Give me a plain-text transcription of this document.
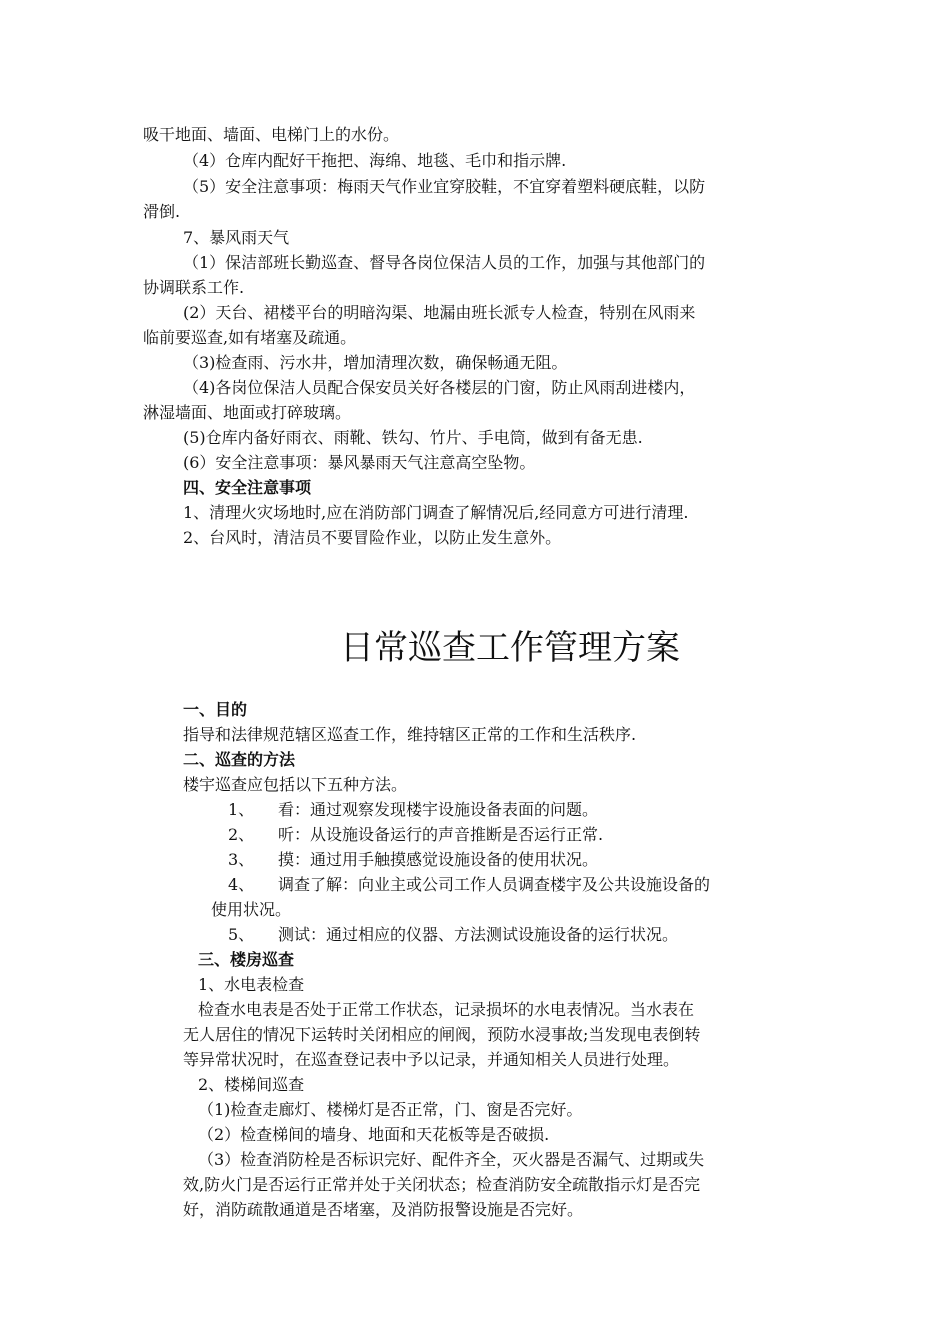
吸干地面、墙面、电梯门上的水份。
（4）仓库内配好干拖把、海绵、地毯、毛巾和指示牌.
（5）安全注意事项：梅雨天气作业宜穿胶鞋，不宜穿着塑料硬底鞋，以防
滑倒.
7、暴风雨天气
（1）保洁部班长勤巡查、督导各岗位保洁人员的工作，加强与其他部门的
协调联系工作.
(2）天台、裙楼平台的明暗沟渠、地漏由班长派专人检查，特别在风雨来
临前要巡查,如有堵塞及疏通。
（3)检查雨、污水井，增加清理次数，确保畅通无阻。
（4)各岗位保洁人员配合保安员关好各楼层的门窗，防止风雨刮进楼内，
淋湿墙面、地面或打碎玻璃。
(5)仓库内备好雨衣、雨靴、铁勾、竹片、手电筒，做到有备无患.
(6）安全注意事项：暴风暴雨天气注意高空坠物。
四、安全注意事项
1、清理火灾场地时,应在消防部门调查了解情况后,经同意方可进行清理.
2、台风时，清洁员不要冒险作业，以防止发生意外。
日常巡查工作管理方案
一、目的
指导和法律规范辖区巡查工作，维持辖区正常的工作和生活秩序.
二、巡查的方法
楼宇巡查应包括以下五种方法。
1、 看：通过观察发现楼宇设施设备表面的问题。
2、 听：从设施设备运行的声音推断是否运行正常.
3、 摸：通过用手触摸感觉设施设备的使用状况。
4、 调查了解：向业主或公司工作人员调查楼宇及公共设施设备的
使用状况。
5、 测试：通过相应的仪器、方法测试设施设备的运行状况。
三、楼房巡查
1、水电表检查
检查水电表是否处于正常工作状态，记录损坏的水电表情况。当水表在
无人居住的情况下运转时关闭相应的闸阀，预防水浸事故;当发现电表倒转
等异常状况时，在巡查登记表中予以记录，并通知相关人员进行处理。
2、楼梯间巡查
（1)检查走廊灯、楼梯灯是否正常，门、窗是否完好。
（2）检查梯间的墙身、地面和天花板等是否破损.
（3）检查消防栓是否标识完好、配件齐全，灭火器是否漏气、过期或失
效,防火门是否运行正常并处于关闭状态；检查消防安全疏散指示灯是否完
好，消防疏散通道是否堵塞，及消防报警设施是否完好。
